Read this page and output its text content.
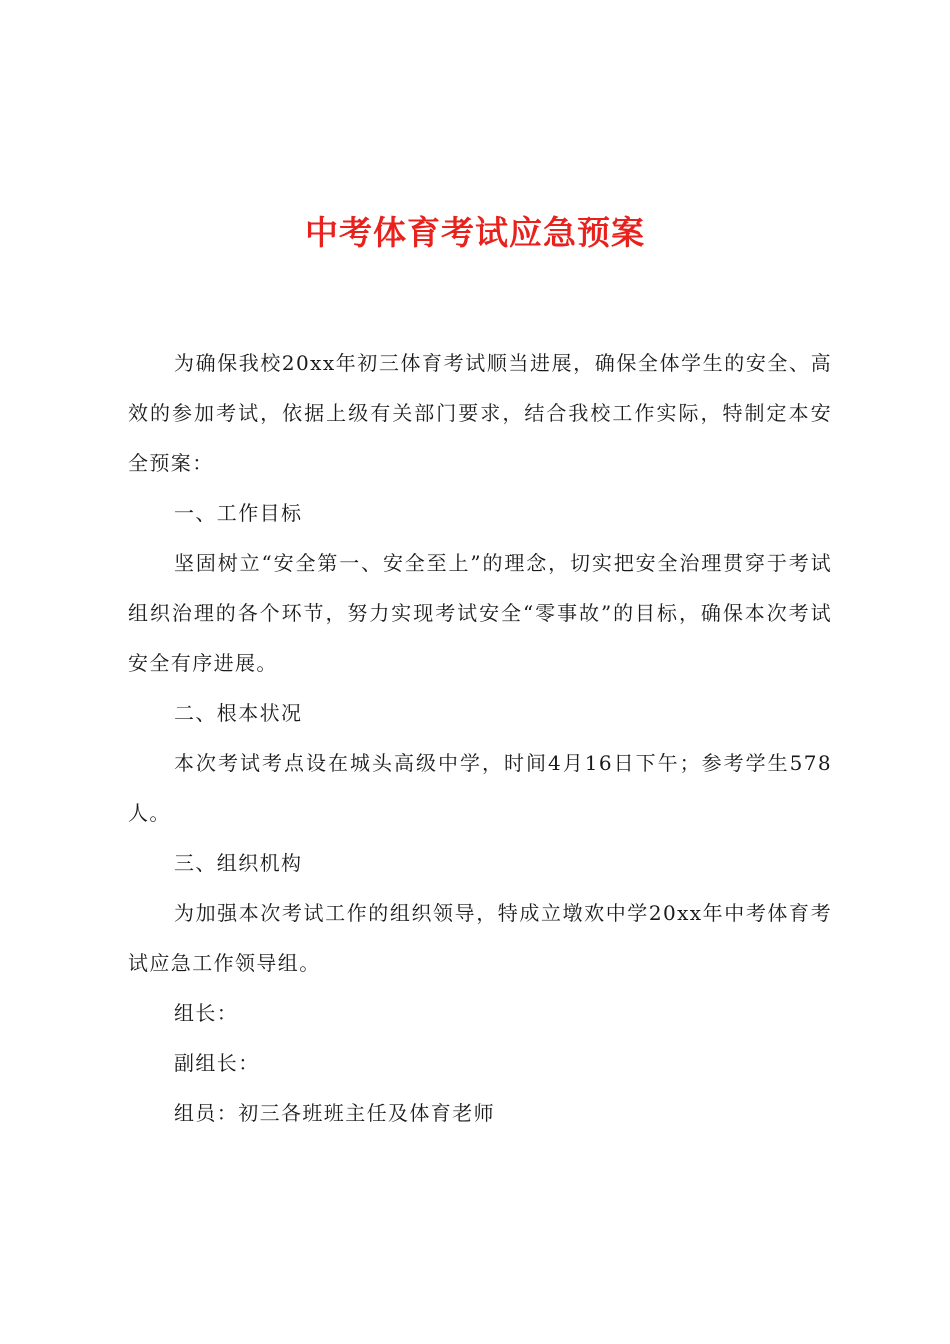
中考体育考试应急预案

为确保我校20xx年初三体育考试顺当进展，确保全体学生的安全、高效的参加考试，依据上级有关部门要求，结合我校工作实际，特制定本安全预案：

一、工作目标

坚固树立“安全第一、安全至上”的理念，切实把安全治理贯穿于考试组织治理的各个环节，努力实现考试安全“零事故”的目标，确保本次考试安全有序进展。

二、根本状况

本次考试考点设在城头高级中学，时间4月16日下午；参考学生578人。

三、组织机构

为加强本次考试工作的组织领导，特成立墩欢中学20xx年中考体育考试应急工作领导组。

组长：

副组长：

组员：初三各班班主任及体育老师
